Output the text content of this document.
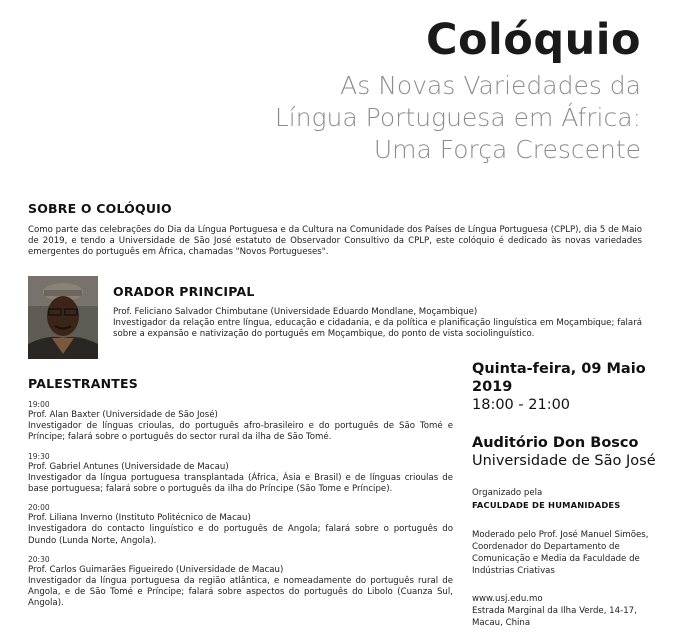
Colóquio
As Novas Variedades da
Língua Portuguesa em África:
Uma Força Crescente
SOBRE O COLÓQUIO
Como parte das celebrações do Dia da Língua Portuguesa e da Cultura na Comunidade dos Países de Língua Portuguesa (CPLP), dia 5 de Maio de 2019, e tendo a Universidade de São José estatuto de Observador Consultivo da CPLP, este colóquio é dedicado às novas variedades emergentes do português em África, chamadas "Novos Portugueses".
ORADOR PRINCIPAL
Prof. Feliciano Salvador Chimbutane (Universidade Eduardo Mondlane, Moçambique)
Investigador da relação entre língua, educação e cidadania, e da política e planificação linguística em Moçambique; falará sobre a expansão e nativização do português em Moçambique, do ponto de vista sociolinguístico.
PALESTRANTES
19:00
Prof. Alan Baxter (Universidade de São José)
Investigador de línguas crioulas, do português afro-brasileiro e do português de São Tomé e Príncipe; falará sobre o português do sector rural da ilha de São Tomé.
19:30
Prof. Gabriel Antunes (Universidade de Macau)
Investigador da língua portuguesa transplantada (África, Ásia e Brasil) e de línguas crioulas de base portuguesa; falará sobre o português da ilha do Príncipe (São Tome e Príncipe).
20:00
Prof. Liliana Inverno (Instituto Politécnico de Macau)
Investigadora do contacto linguístico e do português de Angola; falará sobre o português do Dundo (Lunda Norte, Angola).
20:30
Prof. Carlos Guimarães Figueiredo (Universidade de Macau)
Investigador da língua portuguesa da região atlântica, e nomeadamente do português rural de Angola, e de São Tomé e Príncipe; falará sobre aspectos do português do Libolo (Cuanza Sul, Angola).
Quinta-feira, 09 Maio 2019
18:00 - 21:00
Auditório Don Bosco
Universidade de São José
Organizado pela
FACULDADE DE HUMANIDADES
Moderado pelo Prof. José Manuel Simões, Coordenador do Departamento de Comunicação e Media da Faculdade de Indústrias Criativas
www.usj.edu.mo
Estrada Marginal da Ilha Verde, 14-17,
Macau, China
